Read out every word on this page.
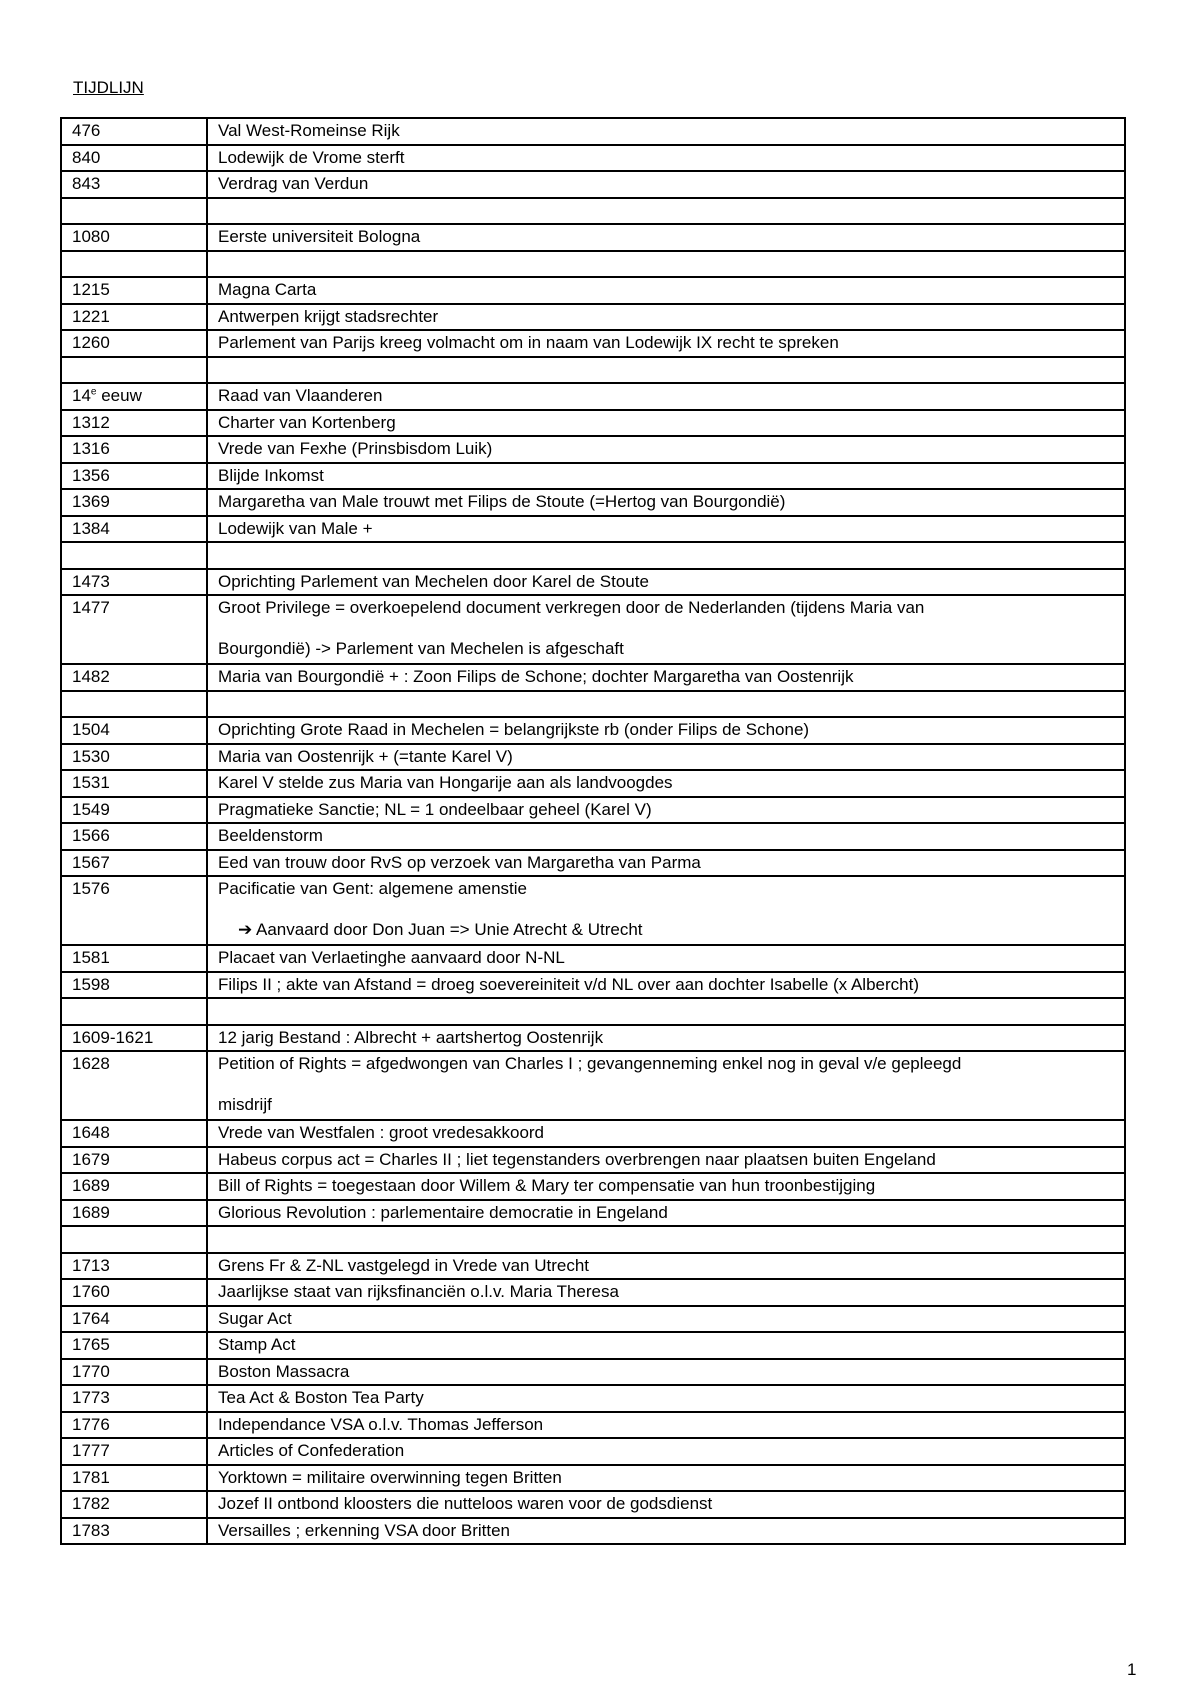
TIJDLIJN
476	Val West-Romeinse Rijk

840	Lodewijk de Vrome sterft

843	Verdrag van Verdun

1080	Eerste universiteit Bologna

1215	Magna Carta

1221	Antwerpen krijgt stadsrechter

1260	Parlement van Parijs kreeg volmacht om in naam van Lodewijk IX recht te spreken

14e eeuw	Raad van Vlaanderen

1312	Charter van Kortenberg

1316	Vrede van Fexhe (Prinsbisdom Luik)

1356	Blijde Inkomst

1369	Margaretha van Male trouwt met Filips de Stoute (=Hertog van Bourgondië)

1384	Lodewijk van Male +

1473	Oprichting Parlement van Mechelen door Karel de Stoute

1477	Groot Privilege = overkoepelend document verkregen door de Nederlanden (tijdens Maria van
Bourgondië) -> Parlement van Mechelen is afgeschaft

1482	Maria van Bourgondië + : Zoon Filips de Schone; dochter Margaretha van Oostenrijk

1504	Oprichting Grote Raad in Mechelen = belangrijkste rb (onder Filips de Schone)

1530	Maria van Oostenrijk + (=tante Karel V)

1531	Karel V stelde zus Maria van Hongarije aan als landvoogdes

1549	Pragmatieke Sanctie; NL = 1 ondeelbaar geheel (Karel V)

1566	Beeldenstorm

1567	Eed van trouw door RvS op verzoek van Margaretha van Parma

1576	Pacificatie van Gent: algemene amenstie
➔ Aanvaard door Don Juan => Unie Atrecht & Utrecht

1581	Placaet van Verlaetinghe aanvaard door N-NL

1598	Filips II ; akte van Afstand = droeg soevereiniteit v/d NL over aan dochter Isabelle (x Albercht)

1609-1621	12 jarig Bestand : Albrecht + aartshertog Oostenrijk

1628	Petition of Rights = afgedwongen van Charles I ; gevangenneming enkel nog in geval v/e gepleegd
misdrijf

1648	Vrede van Westfalen : groot vredesakkoord

1679	Habeus corpus act = Charles II ; liet tegenstanders overbrengen naar plaatsen buiten Engeland

1689	Bill of Rights = toegestaan door Willem & Mary ter compensatie van hun troonbestijging

1689	Glorious Revolution : parlementaire democratie in Engeland

1713	Grens Fr & Z-NL vastgelegd in Vrede van Utrecht

1760	Jaarlijkse staat van rijksfinanciën o.l.v. Maria Theresa

1764	Sugar Act

1765	Stamp Act

1770	Boston Massacra

1773	Tea Act & Boston Tea Party

1776	Independance VSA o.l.v. Thomas Jefferson

1777	Articles of Confederation

1781	Yorktown = militaire overwinning tegen Britten

1782	Jozef II ontbond kloosters die nutteloos waren voor de godsdienst

1783	Versailles ; erkenning VSA door Britten
1
